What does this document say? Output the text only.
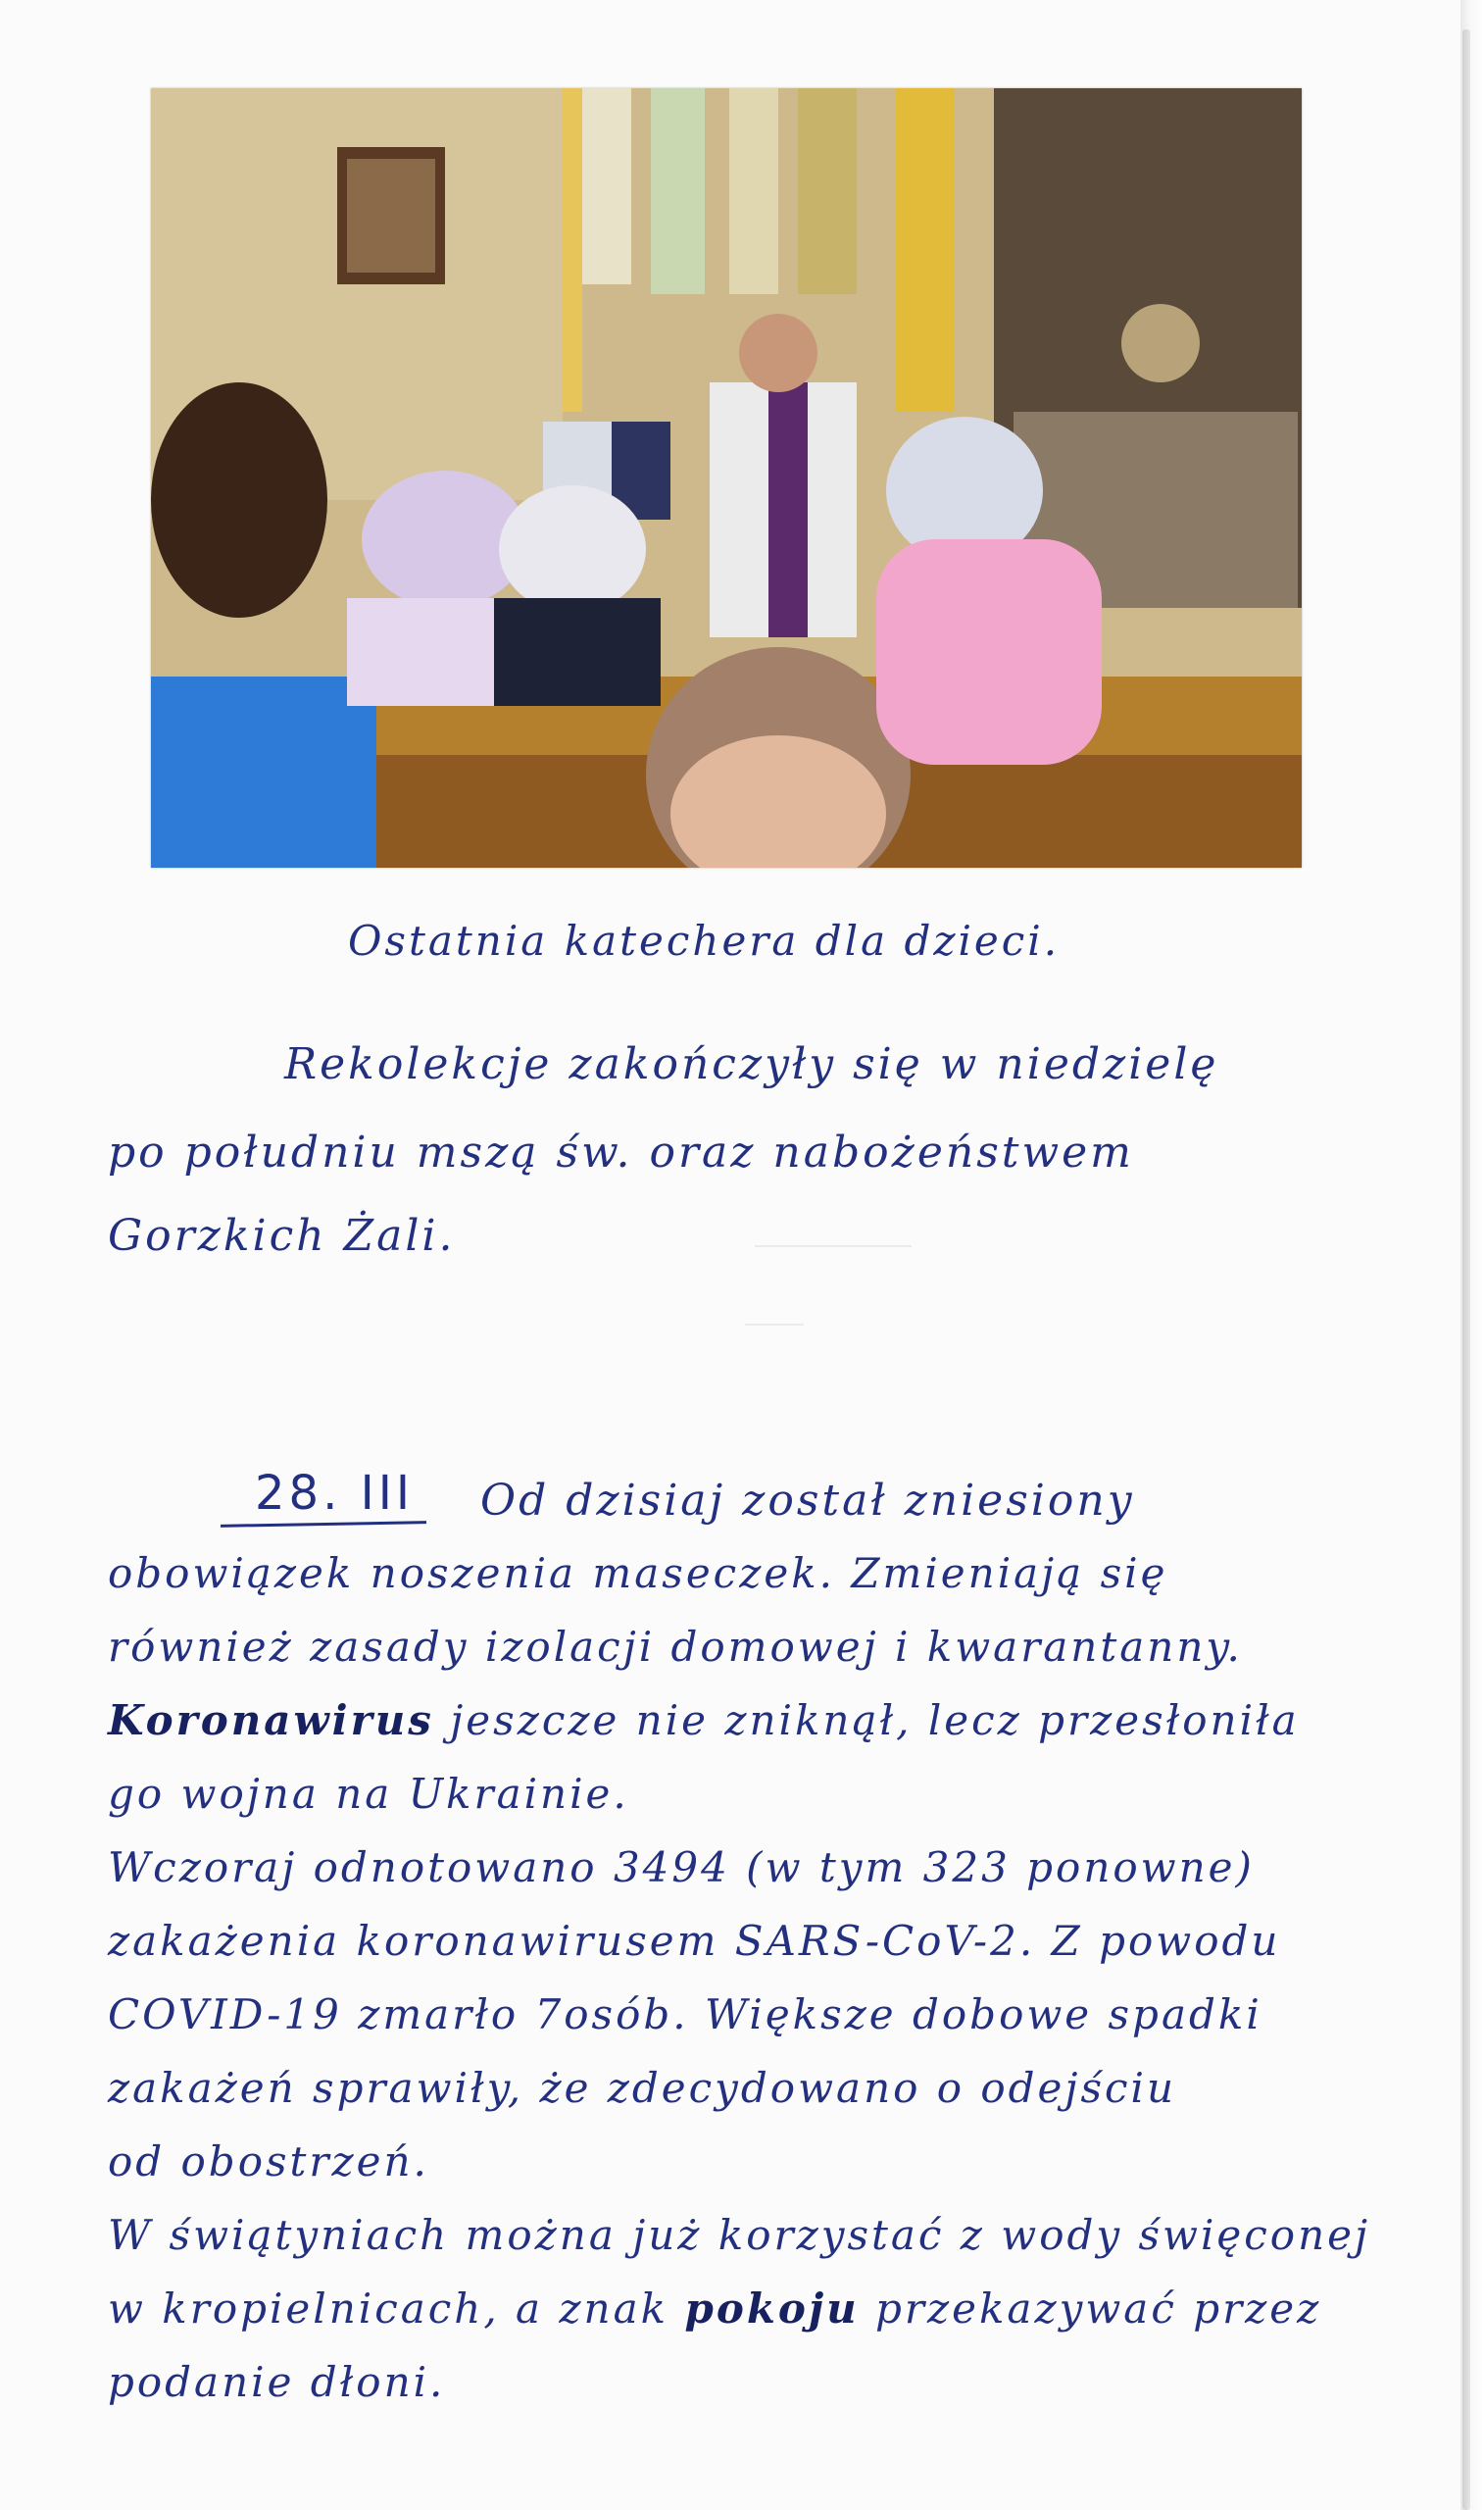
Ostatnia katechera dla dzieci.
Rekolekcje zakończyły się w niedzielę
po południu mszą św. oraz nabożeństwem
Gorzkich Żali.
28. III Od dzisiaj został zniesiony
obowiązek noszenia maseczek. Zmieniają się
również zasady izolacji domowej i kwarantanny.
Koronawirus jeszcze nie zniknął, lecz przesłoniła
go wojna na Ukrainie.
Wczoraj odnotowano 3494 (w tym 323 ponowne)
zakażenia koronawirusem SARS-CoV-2. Z powodu
COVID-19 zmarło 7osób. Większe dobowe spadki
zakażeń sprawiły, że zdecydowano o odejściu
od obostrzeń.
W świątyniach można już korzystać z wody święconej
w kropielnicach, a znak pokoju przekazywać przez
podanie dłoni.
